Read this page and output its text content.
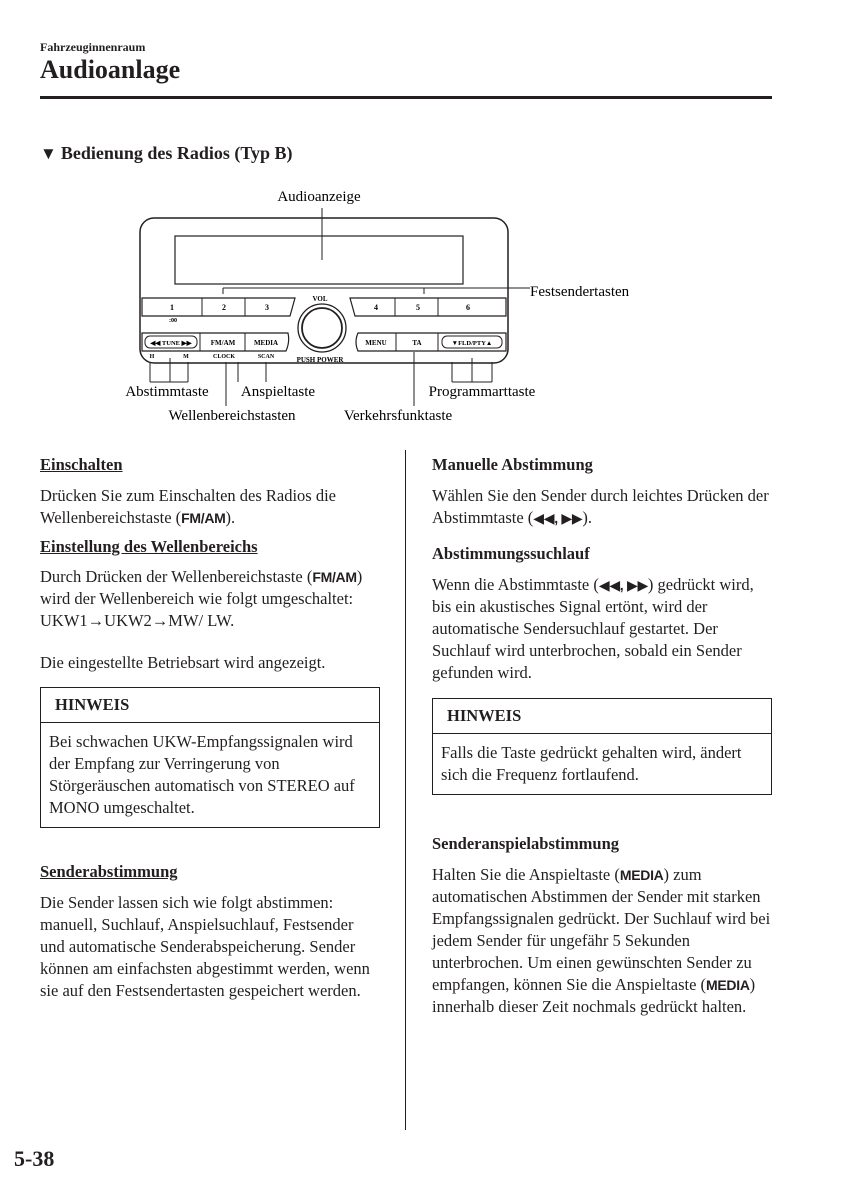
Fahrzeuginnenraum
Audioanlage
▼ Bedienung des Radios (Typ B)
Audioanzeige
VOL
PUSH POWER
1
:00
2	3	4	5	6
◀◀ TUNE ▶▶
H	M
FM/AM
CLOCK
MEDIA
SCAN
MENU	TA	▼FLD/PTY▲
Festsendertasten
Abstimmtaste
Wellenbereichstasten
Anspieltaste
Verkehrsfunktaste
Programmarttaste
Einschalten

Drücken Sie zum Einschalten des Radios die Wellenbereichstaste (FM/AM).

Einstellung des Wellenbereichs

Durch Drücken der Wellenbereichstaste (FM/AM) wird der Wellenbereich wie folgt umgeschaltet: UKW1→UKW2→MW/ LW.

Die eingestellte Betriebsart wird angezeigt.

HINWEIS
Bei schwachen UKW-Empfangssignalen wird der Empfang zur Verringerung von Störgeräuschen automatisch von STEREO auf MONO umgeschaltet.
Senderabstimmung

Die Sender lassen sich wie folgt abstimmen: manuell, Suchlauf, Anspielsuchlauf, Festsender und automatische Senderabspeicherung. Sender können am einfachsten abgestimmt werden, wenn sie auf den Festsendertasten gespeichert werden.

Manuelle Abstimmung

Wählen Sie den Sender durch leichtes Drücken der Abstimmtaste (◀◀, ▶▶).

Abstimmungssuchlauf

Wenn die Abstimmtaste (◀◀, ▶▶) gedrückt wird, bis ein akustisches Signal ertönt, wird der automatische Sendersuchlauf gestartet. Der Suchlauf wird unterbrochen, sobald ein Sender gefunden wird.

HINWEIS
Falls die Taste gedrückt gehalten wird, ändert sich die Frequenz fortlaufend.
Senderanspielabstimmung

Halten Sie die Anspieltaste (MEDIA) zum automatischen Abstimmen der Sender mit starken Empfangssignalen gedrückt. Der Suchlauf wird bei jedem Sender für ungefähr 5 Sekunden unterbrochen. Um einen gewünschten Sender zu empfangen, können Sie die Anspieltaste (MEDIA) innerhalb dieser Zeit nochmals gedrückt halten.

5-38
